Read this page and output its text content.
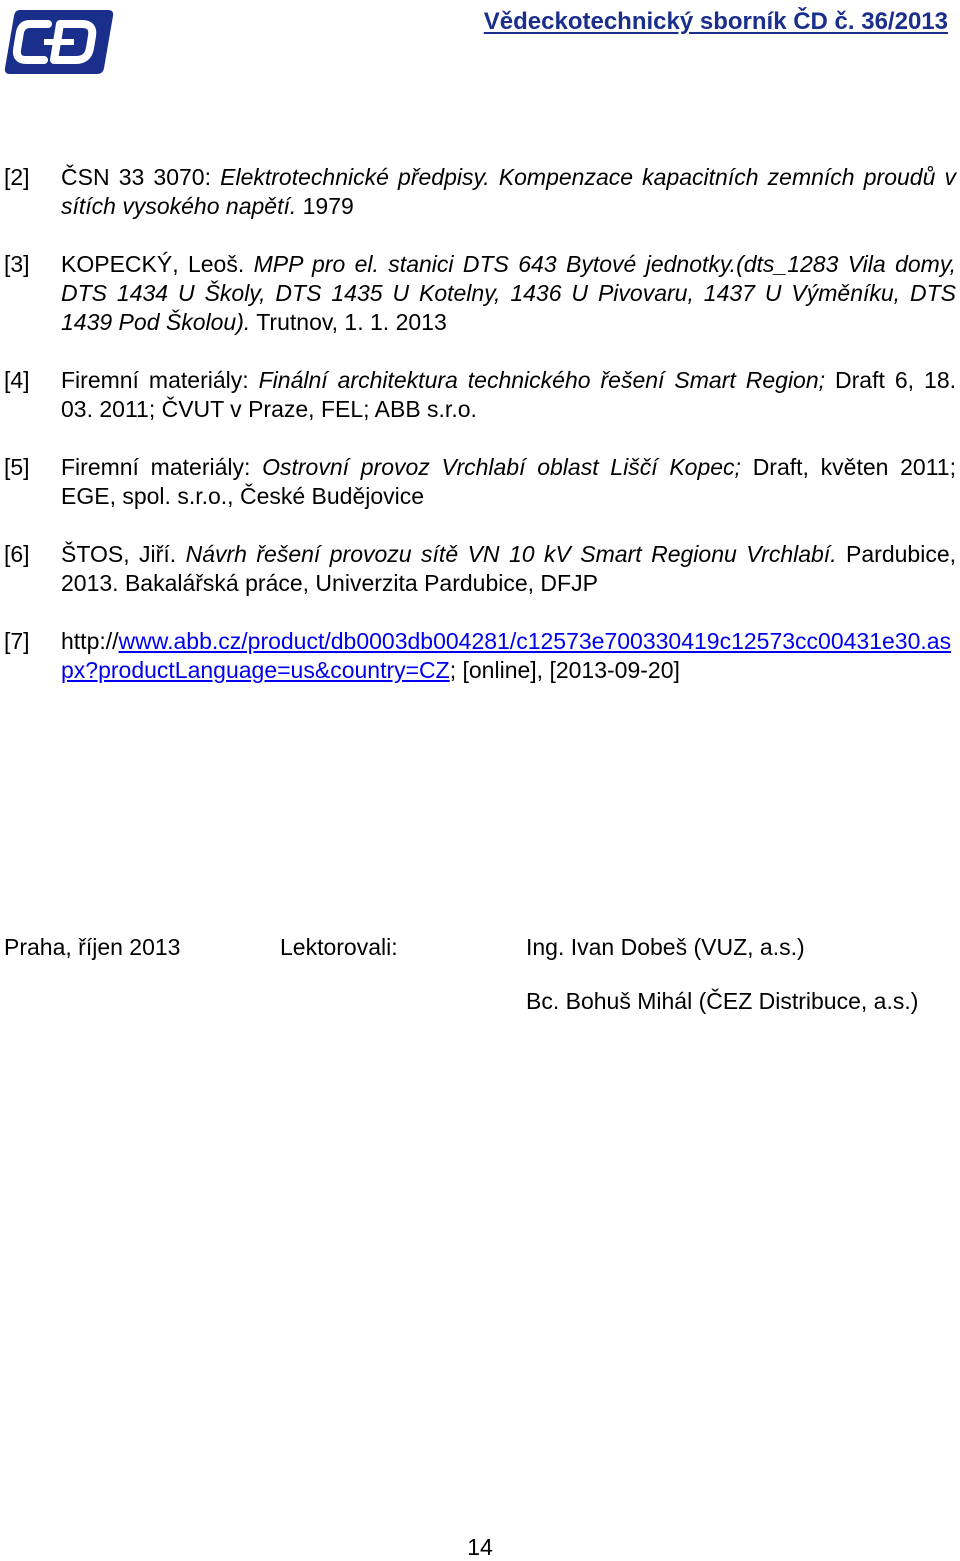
Vědeckotechnický sborník ČD č. 36/2013
[2] ČSN 33 3070: Elektrotechnické předpisy. Kompenzace kapacitních zemních proudů v sítích vysokého napětí. 1979
[3] KOPECKÝ, Leoš. MPP pro el. stanici DTS 643 Bytové jednotky.(dts_1283 Vila domy, DTS 1434 U Školy, DTS 1435 U Kotelny, 1436 U Pivovaru, 1437 U Výměníku, DTS 1439 Pod Školou). Trutnov, 1. 1. 2013
[4] Firemní materiály: Finální architektura technického řešení Smart Region; Draft 6, 18. 03. 2011; ČVUT v Praze, FEL; ABB s.r.o.
[5] Firemní materiály: Ostrovní provoz Vrchlabí oblast Liščí Kopec; Draft, květen 2011; EGE, spol. s.r.o., České Budějovice
[6] ŠTOS, Jiří. Návrh řešení provozu sítě VN 10 kV Smart Regionu Vrchlabí. Pardubice, 2013. Bakalářská práce, Univerzita Pardubice, DFJP
[7] http://www.abb.cz/product/db0003db004281/c12573e700330419c12573cc00431e30.aspx?productLanguage=us&country=CZ; [online], [2013-09-20]
Praha, říjen 2013	Lektorovali:	Ing. Ivan Dobeš (VUZ, a.s.)
Bc. Bohuš Mihál (ČEZ Distribuce, a.s.)
14
